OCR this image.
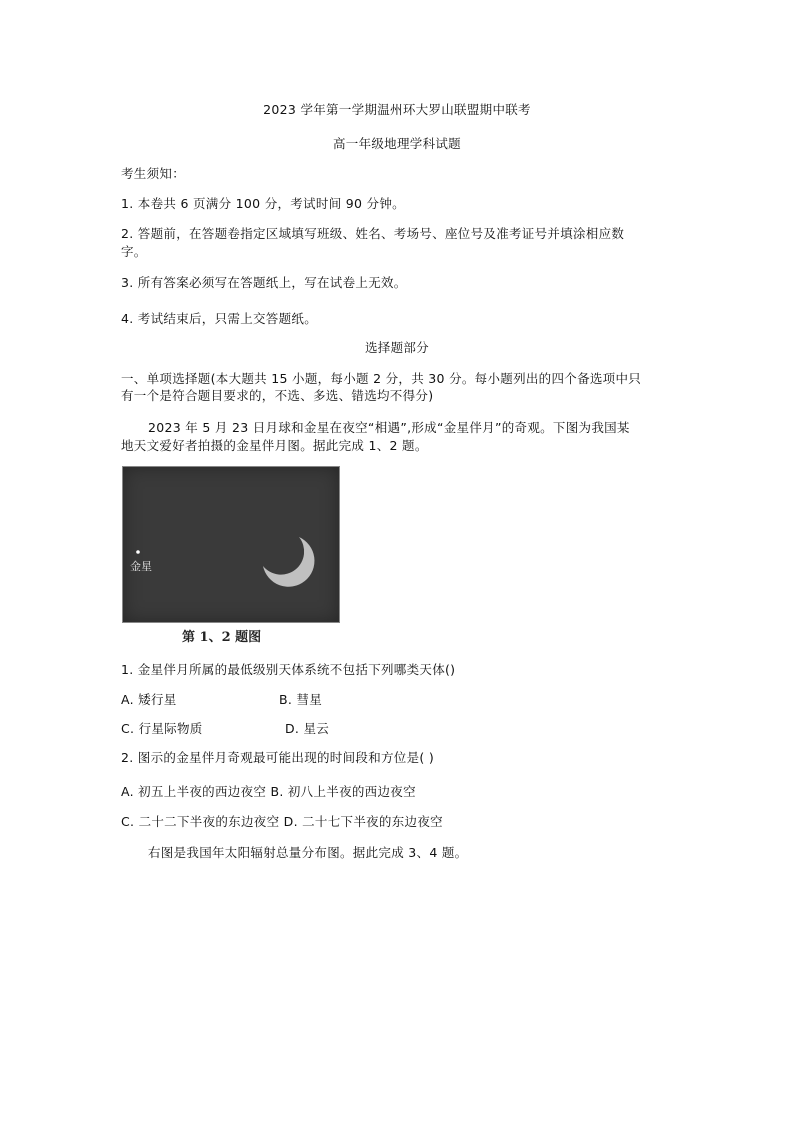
2023 学年第一学期温州环大罗山联盟期中联考
高一年级地理学科试题
考生须知：
1. 本卷共 6 页满分 100 分，考试时间 90 分钟。
2. 答题前，在答题卷指定区域填写班级、姓名、考场号、座位号及准考证号并填涂相应数
字。
3. 所有答案必须写在答题纸上，写在试卷上无效。
4. 考试结束后，只需上交答题纸。
选择题部分
一、单项选择题(本大题共 15 小题，每小题 2 分，共 30 分。每小题列出的四个备选项中只
有一个是符合题目要求的，不选、多选、错选均不得分)
2023 年 5 月 23 日月球和金星在夜空“相遇”,形成“金星伴月”的奇观。下图为我国某
地天文爱好者拍摄的金星伴月图。据此完成 1、2 题。
金星
第 1、2 题图
1. 金星伴月所属的最低级别天体系统不包括下列哪类天体()
A. 矮行星	B. 彗星
C. 行星际物质	D. 星云
2. 图示的金星伴月奇观最可能出现的时间段和方位是( )
A. 初五上半夜的西边夜空 B. 初八上半夜的西边夜空
C. 二十二下半夜的东边夜空 D. 二十七下半夜的东边夜空
右图是我国年太阳辐射总量分布图。据此完成 3、4 题。
